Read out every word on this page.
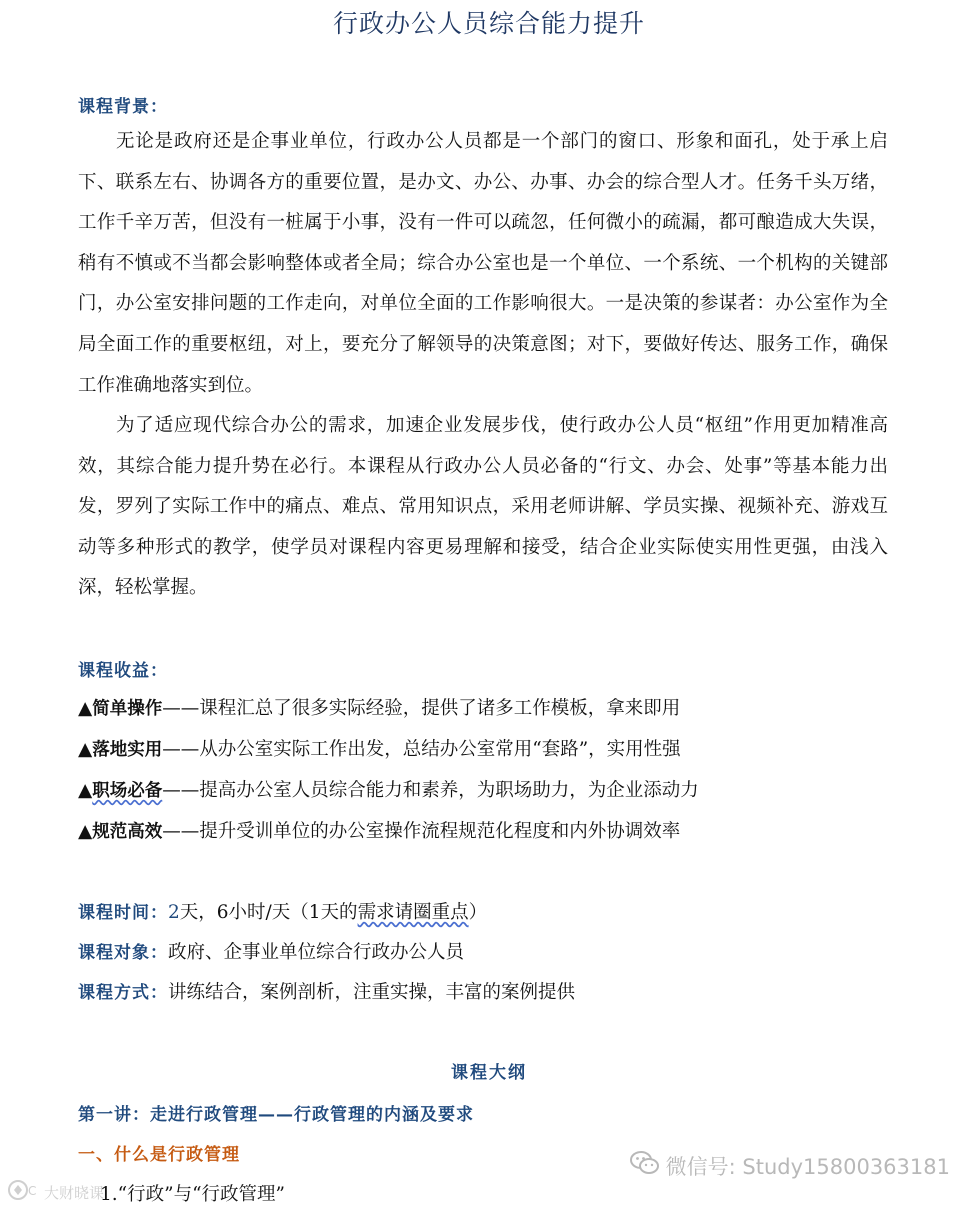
行政办公人员综合能力提升
课程背景：
无论是政府还是企事业单位，行政办公人员都是一个部门的窗口、形象和面孔，处于承上启下、联系左右、协调各方的重要位置，是办文、办公、办事、办会的综合型人才。任务千头万绪，工作千辛万苦，但没有一桩属于小事，没有一件可以疏忽，任何微小的疏漏，都可酿造成大失误，稍有不慎或不当都会影响整体或者全局；综合办公室也是一个单位、一个系统、一个机构的关键部门，办公室安排问题的工作走向，对单位全面的工作影响很大。一是决策的参谋者：办公室作为全局全面工作的重要枢纽，对上，要充分了解领导的决策意图；对下，要做好传达、服务工作，确保工作准确地落实到位。
为了适应现代综合办公的需求，加速企业发展步伐，使行政办公人员“枢纽”作用更加精准高效，其综合能力提升势在必行。本课程从行政办公人员必备的“行文、办会、处事”等基本能力出发，罗列了实际工作中的痛点、难点、常用知识点，采用老师讲解、学员实操、视频补充、游戏互动等多种形式的教学，使学员对课程内容更易理解和接受，结合企业实际使实用性更强，由浅入深，轻松掌握。
课程收益：
▲简单操作——课程汇总了很多实际经验，提供了诸多工作模板，拿来即用
▲落地实用——从办公室实际工作出发，总结办公室常用“套路”，实用性强
▲职场必备——提高办公室人员综合能力和素养，为职场助力，为企业添动力
▲规范高效——提升受训单位的办公室操作流程规范化程度和内外协调效率
课程时间：2天，6小时/天（1天的需求请圈重点）
课程对象：政府、企事业单位综合行政办公人员
课程方式：讲练结合，案例剖析，注重实操，丰富的案例提供
课程大纲
第一讲：走进行政管理——行政管理的内涵及要求
一、什么是行政管理
1.“行政”与“行政管理”
微信号: Study15800363181
C 大财晓课
